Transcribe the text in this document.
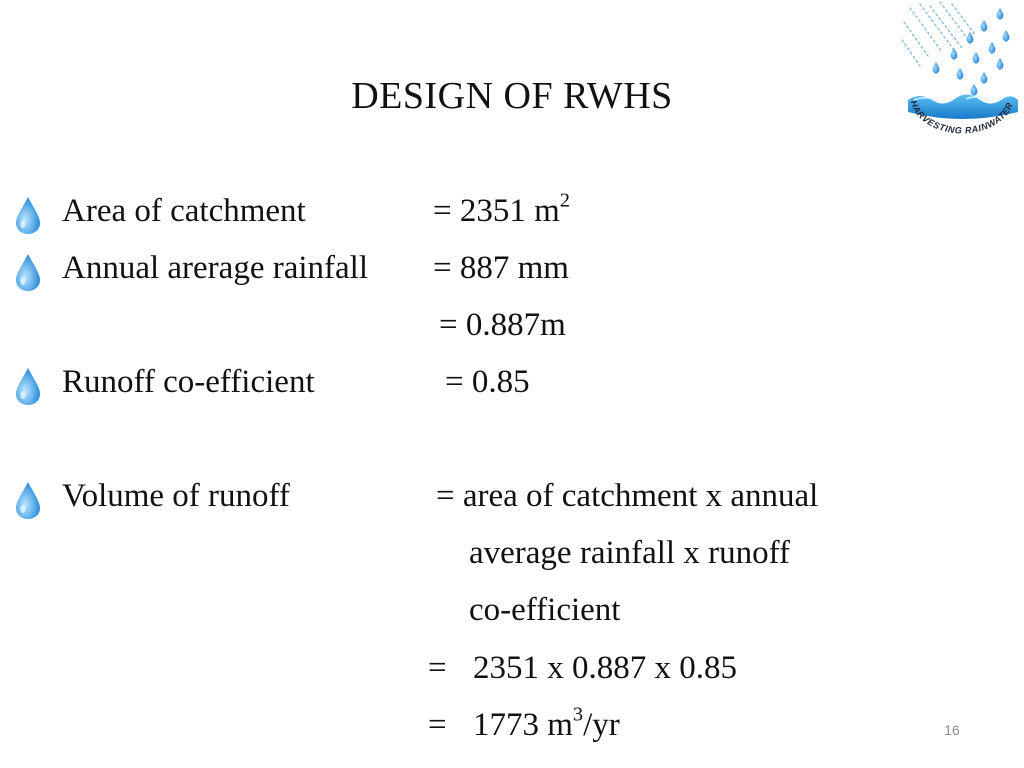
DESIGN OF RWHS	HARVESTING RAINWATER
Area of catchment	= 2351 $m^2$
Annual arerage rainfall = 887 mm
= 0.887m
Runoff co-efficient	= 0.85
Volume of runoff	= area of catchment x annual
average rainfall x runoff
co-efficient
= 2351 x 0.887 x 0.85
= 1773 $m^3/yr$	16
